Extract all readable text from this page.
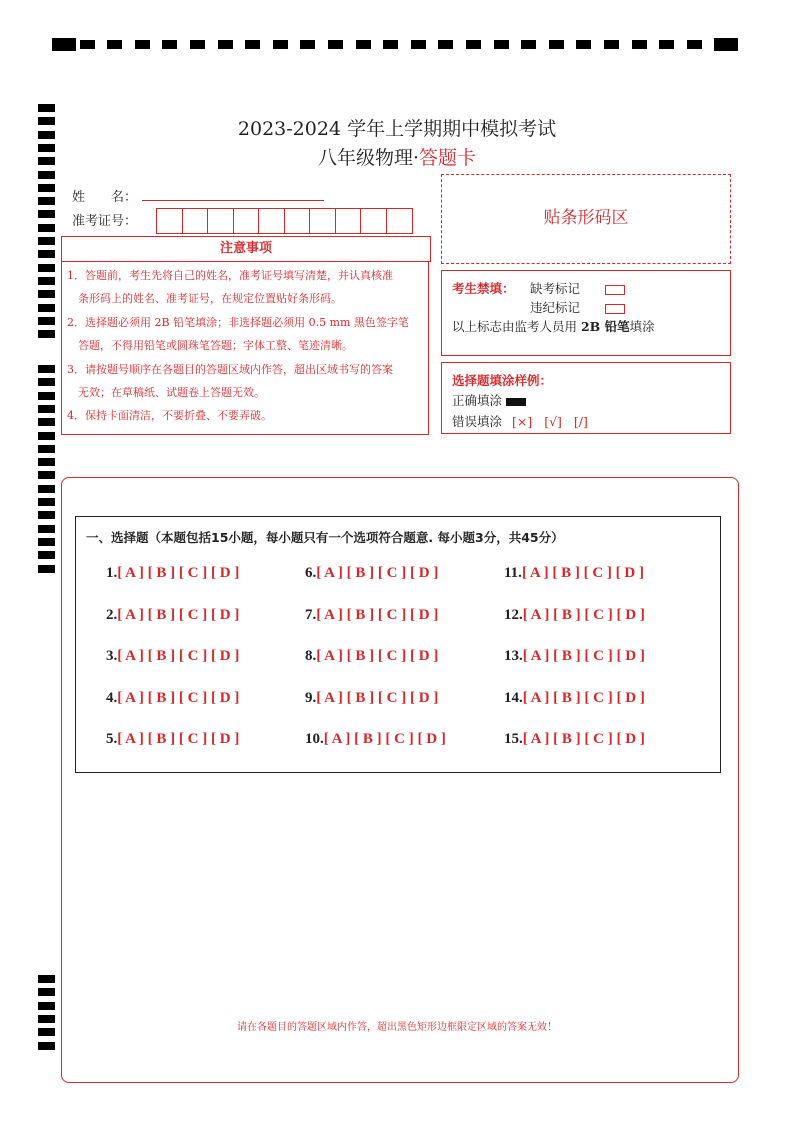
2023-2024 学年上学期期中模拟考试
八年级物理·答题卡
姓　　名：
准考证号：
注意事项
1．答题前，考生先将自己的姓名，准考证号填写清楚，并认真核准
　条形码上的姓名、准考证号，在规定位置贴好条形码。
2．选择题必须用 2B 铅笔填涂；非选择题必须用 0.5 mm 黑色签字笔
　答题，不得用铅笔或圆珠笔答题；字体工整、笔迹清晰。
3．请按题号顺序在各题目的答题区域内作答，超出区域书写的答案
　无效；在草稿纸、试题卷上答题无效。
4．保持卡面清洁，不要折叠、不要弄破。
贴条形码区
考生禁填： 缺考标记　　
违纪标记　　
以上标志由监考人员用 2B 铅笔填涂
选择题填涂样例：
正确填涂
错误填涂 [×] [√] [/]
一、选择题（本题包括15小题，每小题只有一个选项符合题意. 每小题3分，共45分）
1.[ A ] [ B ] [ C ] [ D ]
2.[ A ] [ B ] [ C ] [ D ]
3.[ A ] [ B ] [ C ] [ D ]
4.[ A ] [ B ] [ C ] [ D ]
5.[ A ] [ B ] [ C ] [ D ]
6.[ A ] [ B ] [ C ] [ D ]
7.[ A ] [ B ] [ C ] [ D ]
8.[ A ] [ B ] [ C ] [ D ]
9.[ A ] [ B ] [ C ] [ D ]
10.[ A ] [ B ] [ C ] [ D ]
11.[ A ] [ B ] [ C ] [ D ]
12.[ A ] [ B ] [ C ] [ D ]
13.[ A ] [ B ] [ C ] [ D ]
14.[ A ] [ B ] [ C ] [ D ]
15.[ A ] [ B ] [ C ] [ D ]
请在各题目的答题区域内作答，超出黑色矩形边框限定区域的答案无效！
